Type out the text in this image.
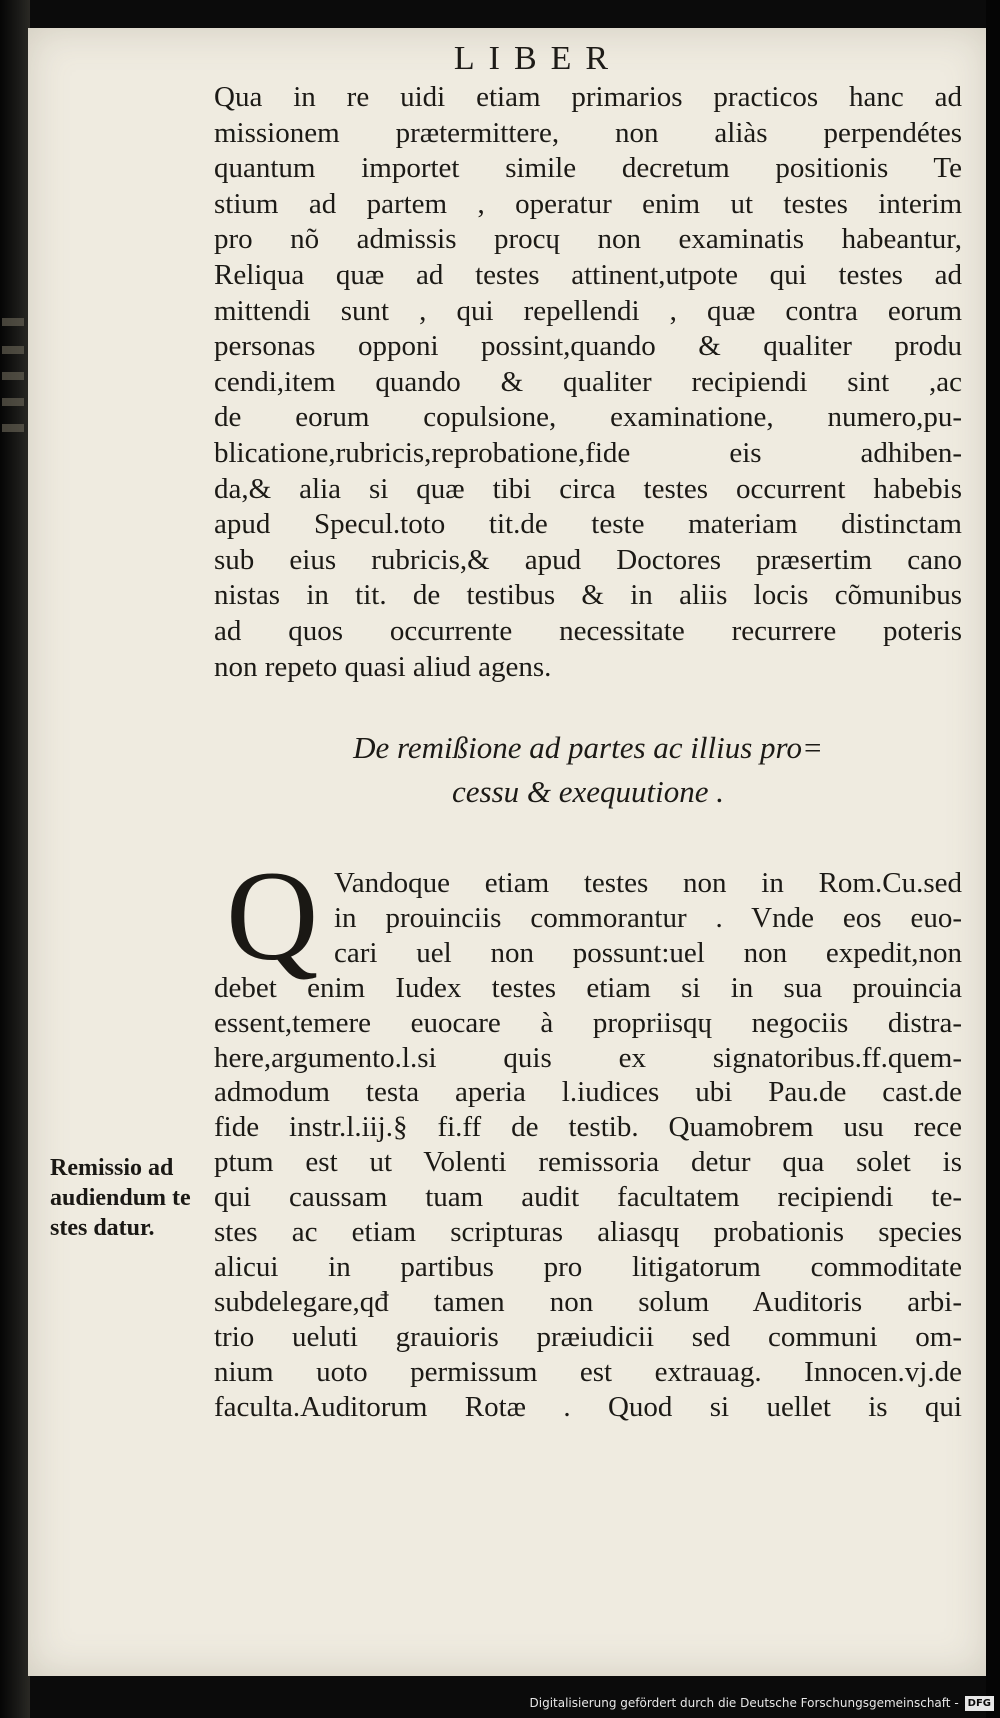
LIBER
Qua in re uidi etiam primarios practicos hanc ad
missionem prætermittere, non aliàs perpendétes
quantum importet simile decretum positionis Te
stium ad partem , operatur enim ut testes interim
pro nõ admissis procɥ non examinatis habeantur,
Reliqua quæ ad testes attinent,utpote qui testes ad
mittendi sunt , qui repellendi , quæ contra eorum
personas opponi possint,quando & qualiter produ
cendi,item quando & qualiter recipiendi sint ,ac
de eorum copulsione, examinatione, numero,pu-
blicatione,rubricis,reprobatione,fide eis adhiben-
da,& alia si quæ tibi circa testes occurrent habebis
apud Specul.toto tit.de teste materiam distinctam
sub eius rubricis,& apud Doctores præsertim cano
nistas in tit. de testibus & in aliis locis cõmunibus
ad quos occurrente necessitate recurrere poteris
non repeto quasi aliud agens.
De remißione ad partes ac illius pro=
cessu & exequutione .
Q Vandoque etiam testes non in Rom.Cu.sed
in prouinciis commorantur . Vnde eos euo-
cari uel non possunt:uel non expedit,non
debet enim Iudex testes etiam si in sua prouincia
essent,temere euocare à propriisqɥ negociis distra-
here,argumento.l.si quis ex signatoribus.ff.quem-
admodum testa aperia l.iudices ubi Pau.de cast.de
fide instr.l.iij.§ fi.ff de testib. Quamobrem usu rece
ptum est ut Volenti remissoria detur qua solet is
qui caussam tuam audit facultatem recipiendi te-
stes ac etiam scripturas aliasqɥ probationis species
alicui in partibus pro litigatorum commoditate
subdelegare,qđ tamen non solum Auditoris arbi-
trio ueluti grauioris præiudicii sed communi om-
nium uoto permissum est extrauag. Innocen.vj.de
faculta.Auditorum Rotæ . Quod si uellet is qui
Remissio ad
audiendum te
stes datur.
Digitalisierung gefördert durch die Deutsche Forschungsgemeinschaft - DFG
